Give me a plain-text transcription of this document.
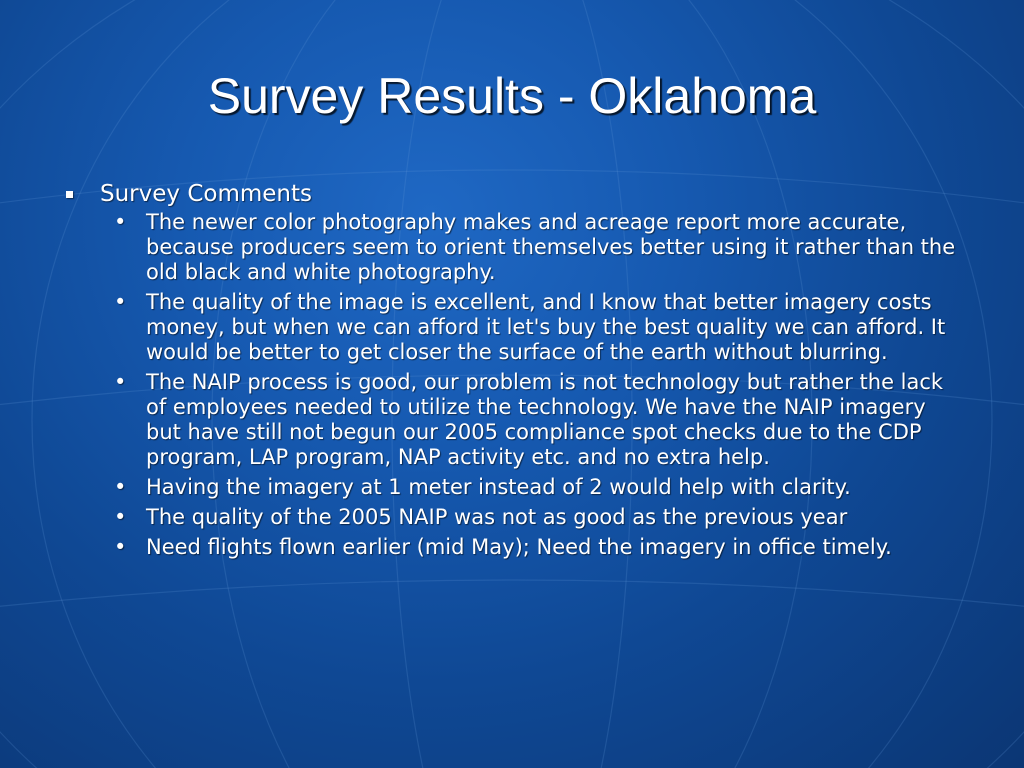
Survey Results - Oklahoma
Survey Comments
• The newer color photography makes and acreage report more accurate, because producers seem to orient themselves better using it rather than the old black and white photography.
• The quality of the image is excellent, and I know that better imagery costs money, but when we can afford it let's buy the best quality we can afford. It would be better to get closer the surface of the earth without blurring.
• The NAIP process is good, our problem is not technology but rather the lack of employees needed to utilize the technology. We have the NAIP imagery but have still not begun our 2005 compliance spot checks due to the CDP program, LAP program, NAP activity etc. and no extra help.
• Having the imagery at 1 meter instead of 2 would help with clarity.
• The quality of the 2005 NAIP was not as good as the previous year
• Need flights flown earlier (mid May); Need the imagery in office timely.
